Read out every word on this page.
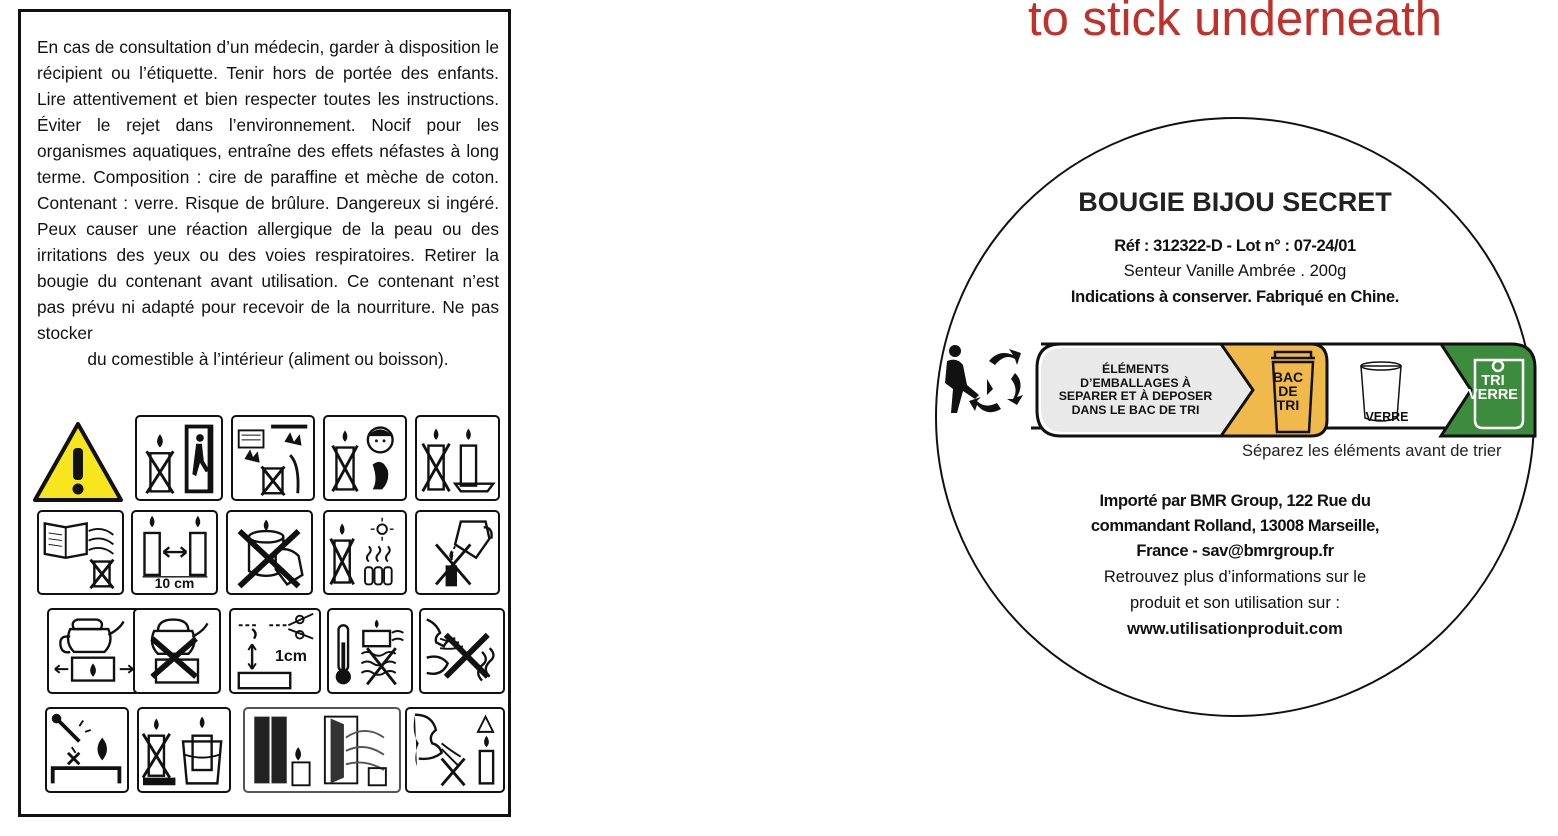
En cas de consultation d’un médecin, garder à disposition le récipient ou l’étiquette. Tenir hors de portée des enfants. Lire attentivement et bien respecter toutes les instructions. Éviter le rejet dans l’environnement. Nocif pour les organismes aquatiques, entraîne des effets néfastes à long terme. Composition : cire de paraffine et mèche de coton. Contenant : verre. Risque de brûlure. Dangereux si ingéré. Peux causer une réaction allergique de la peau ou des irritations des yeux ou des voies respiratoires. Retirer la bougie du contenant avant utilisation. Ce contenant n’est pas prévu ni adapté pour recevoir de la nourriture. Ne pas stocker
du comestible à l’intérieur (aliment ou boisson).
10 cm
1cm
to stick underneath
BOUGIE BIJOU SECRET
Réf : 312322-D - Lot n° : 07-24/01
Senteur Vanille Ambrée . 200g
Indications à conserver. Fabriqué en Chine.
ÉLÉMENTS
D’EMBALLAGES À
SEPARER ET À DEPOSER
DANS LE BAC DE TRI
BAC
DE
TRI
VERRE
TRI
VERRE
Séparez les éléments avant de trier
Importé par BMR Group, 122 Rue du
commandant Rolland, 13008 Marseille,
France - sav@bmrgroup.fr
Retrouvez plus d’informations sur le
produit et son utilisation sur :
www.utilisationproduit.com
